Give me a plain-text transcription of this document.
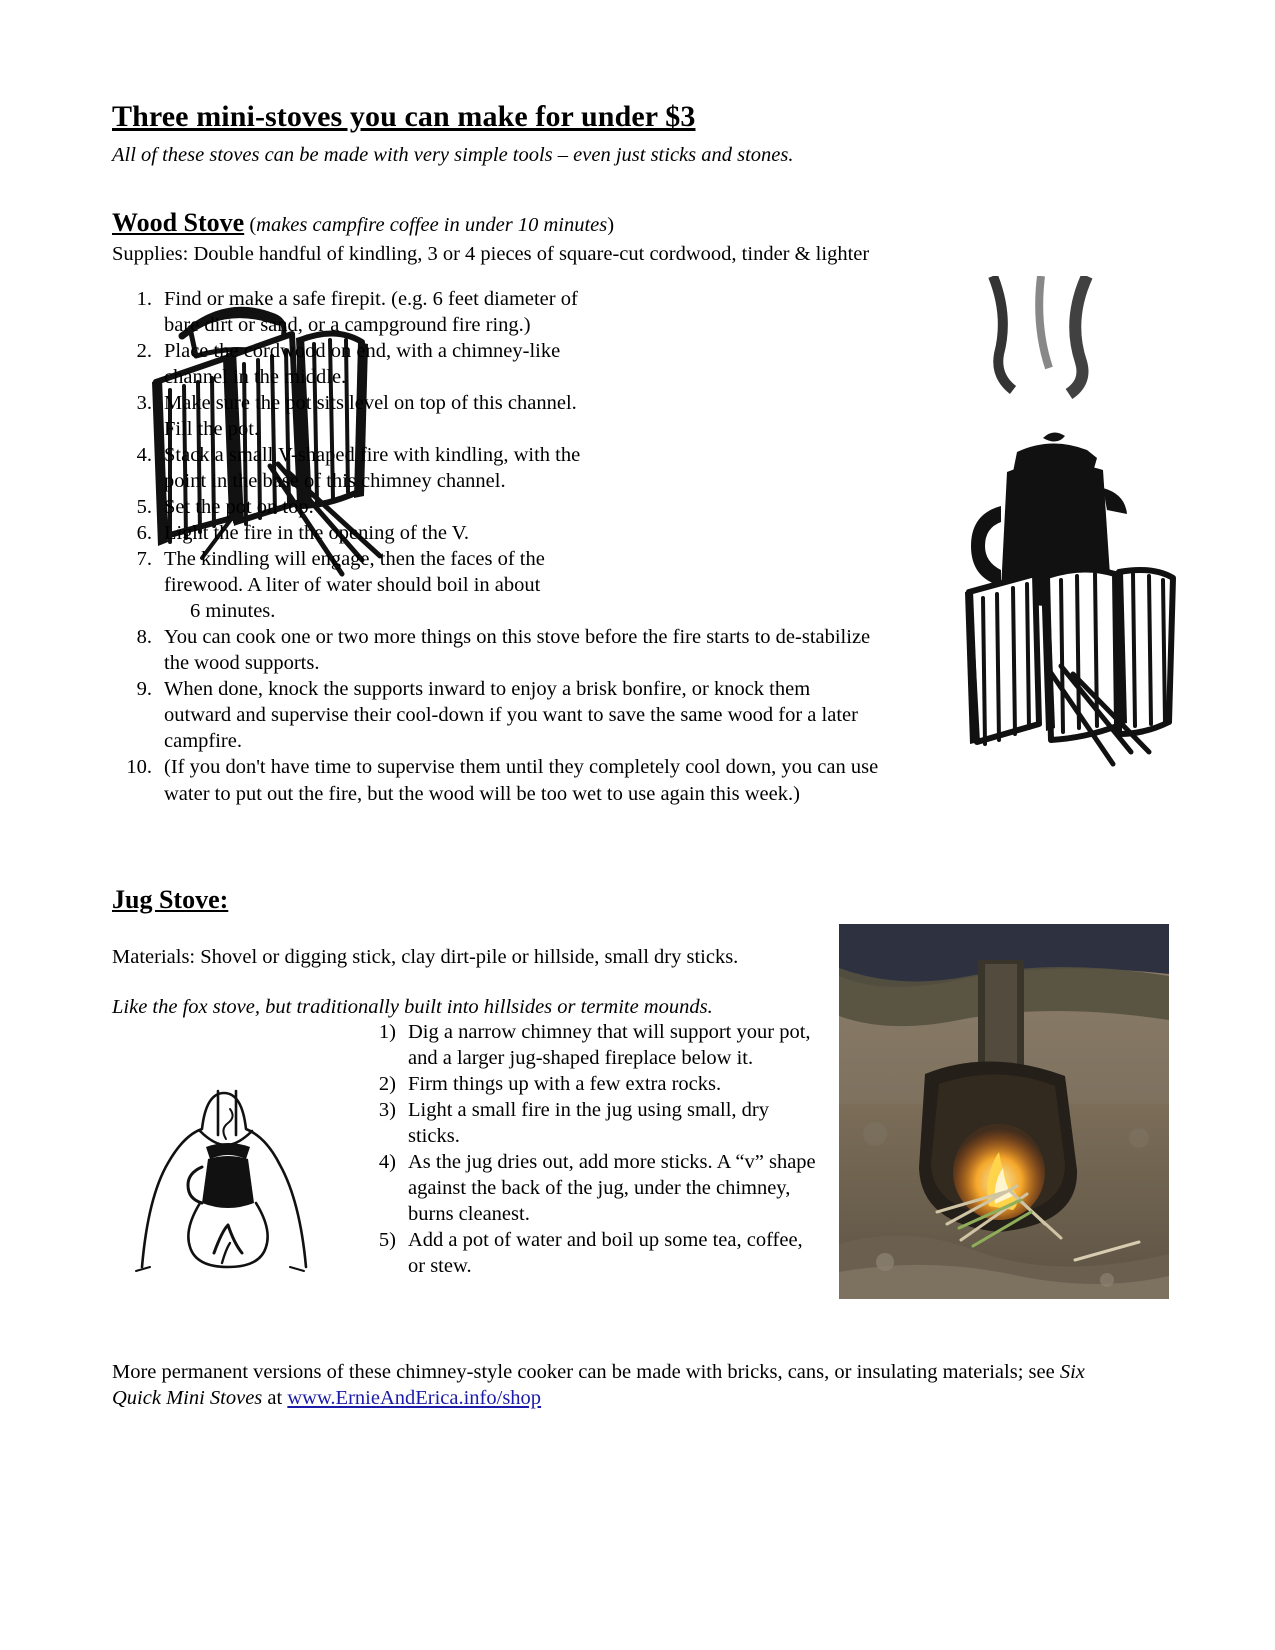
Three mini-stoves you can make for under $3
All of these stoves can be made with very simple tools – even just sticks and stones.
Wood Stove (makes campfire coffee in under 10 minutes)
Supplies: Double handful of kindling, 3 or 4 pieces of square-cut cordwood, tinder & lighter
1. Find or make a safe firepit. (e.g. 6 feet diameter of bare dirt or sand, or a campground fire ring.)
2. Place the cordwood on end, with a chimney-like channel in the middle.
3. Make sure the pot sits level on top of this channel. Fill the pot.
4. Stack a small V-shaped fire with kindling, with the point in the base of this chimney channel.
5. Set the pot on top.
6. Light the fire in the opening of the V.
7. The kindling will engage, then the faces of the firewood. A liter of water should boil in about
6 minutes.
8. You can cook one or two more things on this stove before the fire starts to de-stabilize the wood supports.
9. When done, knock the supports inward to enjoy a brisk bonfire, or knock them outward and supervise their cool-down if you want to save the same wood for a later campfire.
10. (If you don't have time to supervise them until they completely cool down, you can use water to put out the fire, but the wood will be too wet to use again this week.)
Jug Stove:
Materials: Shovel or digging stick, clay dirt-pile or hillside, small dry sticks.
Like the fox stove, but traditionally built into hillsides or termite mounds.
1) Dig a narrow chimney that will support your pot, and a larger jug-shaped fireplace below it.
2) Firm things up with a few extra rocks.
3) Light a small fire in the jug using small, dry sticks.
4) As the jug dries out, add more sticks. A “v” shape against the back of the jug, under the chimney, burns cleanest.
5) Add a pot of water and boil up some tea, coffee, or stew.
More permanent versions of these chimney-style cooker can be made with bricks, cans, or insulating materials; see Six Quick Mini Stoves at www.ErnieAndErica.info/shop
